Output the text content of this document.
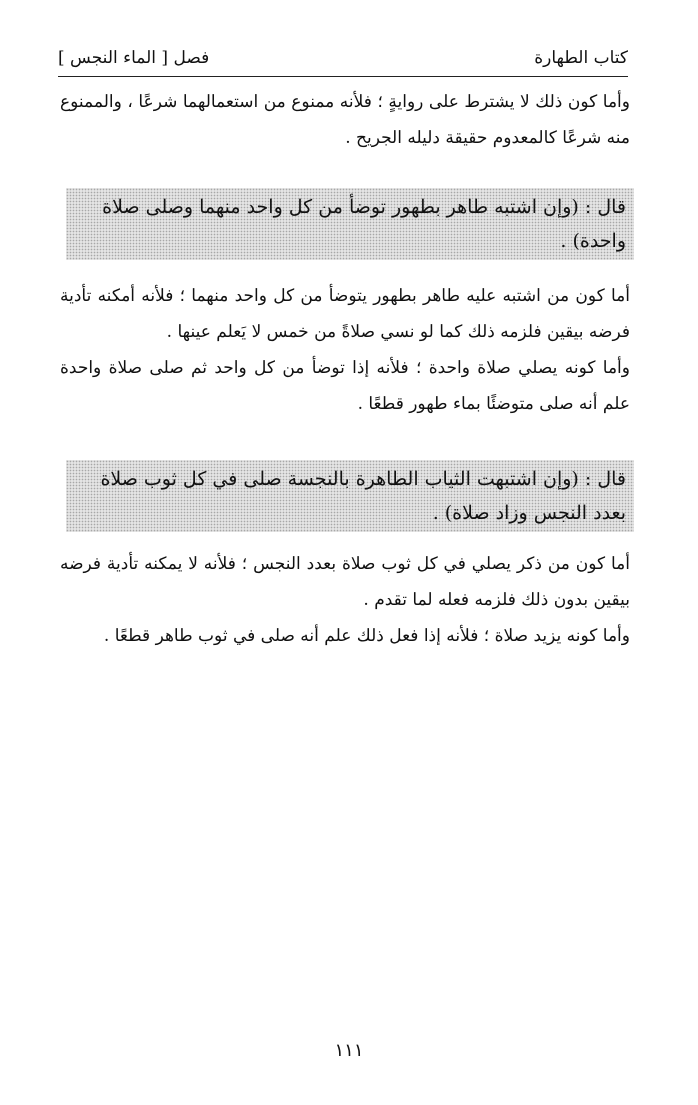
كتاب الطهارة
فصل [ الماء النجس ]
وأما كون ذلك لا يشترط على روايةٍ ؛ فلأنه ممنوع من استعمالهما شرعًا ، والممنوع منه شرعًا كالمعدوم حقيقة دليله الجريح .
قال : (وإن اشتبه طاهر بطهور توضأ من كل واحد منهما وصلى صلاة واحدة) .
أما كون من اشتبه عليه طاهر بطهور يتوضأ من كل واحد منهما ؛ فلأنه أمكنه تأدية فرضه بيقين فلزمه ذلك كما لو نسي صلاةً من خمس لا يَعلم عينها .
وأما كونه يصلي صلاة واحدة ؛ فلأنه إذا توضأ من كل واحد ثم صلى صلاة واحدة علم أنه صلى متوضئًا بماء طهور قطعًا .
قال : (وإن اشتبهت الثياب الطاهرة بالنجسة صلى في كل ثوب صلاة بعدد النجس وزاد صلاة) .
أما كون من ذكر يصلي في كل ثوب صلاة بعدد النجس ؛ فلأنه لا يمكنه تأدية فرضه بيقين بدون ذلك فلزمه فعله لما تقدم .
وأما كونه يزيد صلاة ؛ فلأنه إذا فعل ذلك علم أنه صلى في ثوب طاهر قطعًا .
١١١
